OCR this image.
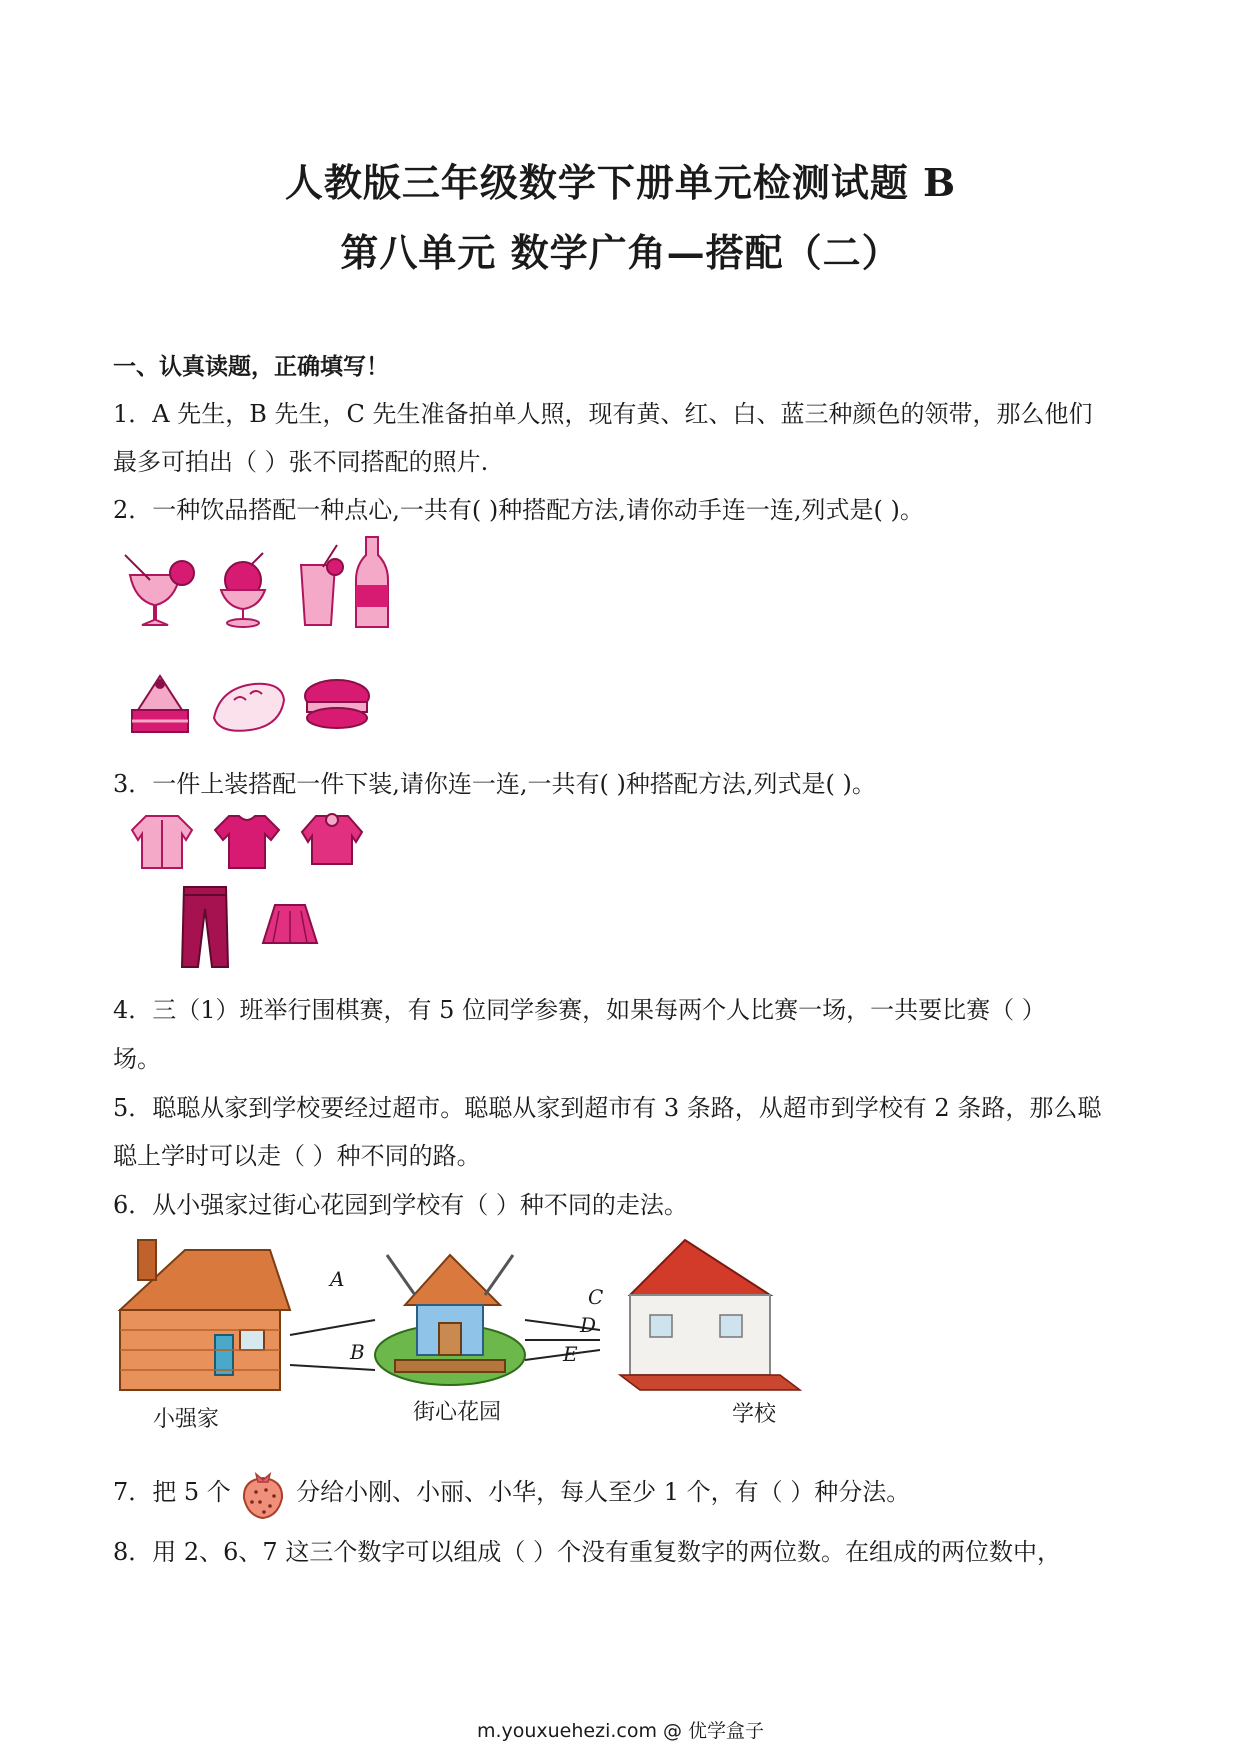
人教版三年级数学下册单元检测试题 B
第八单元 数学广角—搭配（二）
一、认真读题，正确填写！
1．A 先生，B 先生，C 先生准备拍单人照，现有黄、红、白、蓝三种颜色的领带，那么他们
最多可拍出（ ）张不同搭配的照片.
2．一种饮品搭配一种点心,一共有( )种搭配方法,请你动手连一连,列式是( )。
3．一件上装搭配一件下装,请你连一连,一共有( )种搭配方法,列式是( )。
4．三（1）班举行围棋赛，有 5 位同学参赛，如果每两个人比赛一场，一共要比赛（ ）
场。
5．聪聪从家到学校要经过超市。聪聪从家到超市有 3 条路，从超市到学校有 2 条路，那么聪
聪上学时可以走（ ）种不同的路。
6．从小强家过街心花园到学校有（ ）种不同的走法。
A
B
C
D
E
小强家	街心花园	学校
7．把 5 个	分给小刚、小丽、小华，每人至少 1 个，有（ ）种分法。
8．用 2、6、7 这三个数字可以组成（ ）个没有重复数字的两位数。在组成的两位数中，
m.youxuehezi.com @ 优学盒子
